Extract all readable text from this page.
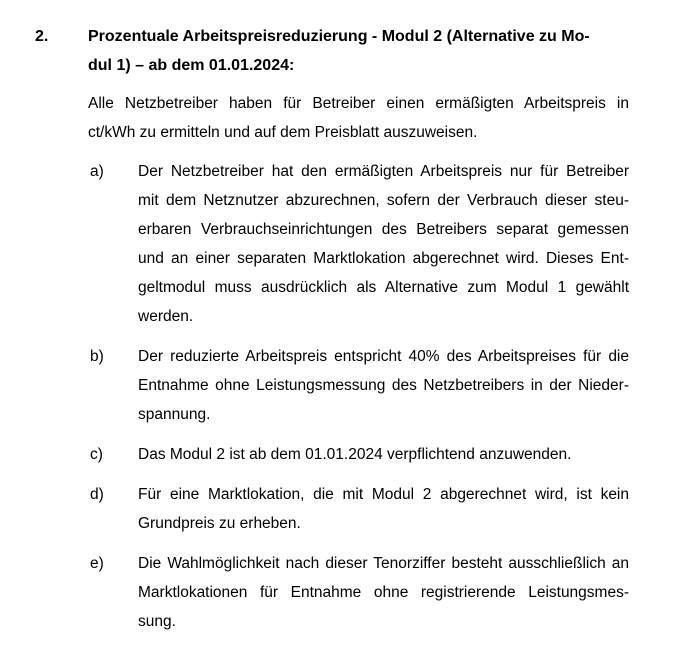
2.	Prozentuale Arbeitspreisreduzierung - Modul 2 (Alternative zu Mo-
dul 1) – ab dem 01.01.2024:
Alle Netzbetreiber haben für Betreiber einen ermäßigten Arbeitspreis in
ct/kWh zu ermitteln und auf dem Preisblatt auszuweisen.
a)	Der Netzbetreiber hat den ermäßigten Arbeitspreis nur für Betreiber
mit dem Netznutzer abzurechnen, sofern der Verbrauch dieser steu-
erbaren Verbrauchseinrichtungen des Betreibers separat gemessen
und an einer separaten Marktlokation abgerechnet wird. Dieses Ent-
geltmodul muss ausdrücklich als Alternative zum Modul 1 gewählt
werden.
b)	Der reduzierte Arbeitspreis entspricht 40% des Arbeitspreises für die
Entnahme ohne Leistungsmessung des Netzbetreibers in der Nieder-
spannung.
c)	Das Modul 2 ist ab dem 01.01.2024 verpflichtend anzuwenden.
d)	Für eine Marktlokation, die mit Modul 2 abgerechnet wird, ist kein
Grundpreis zu erheben.
e)	Die Wahlmöglichkeit nach dieser Tenorziffer besteht ausschließlich an
Marktlokationen für Entnahme ohne registrierende Leistungsmes-
sung.
